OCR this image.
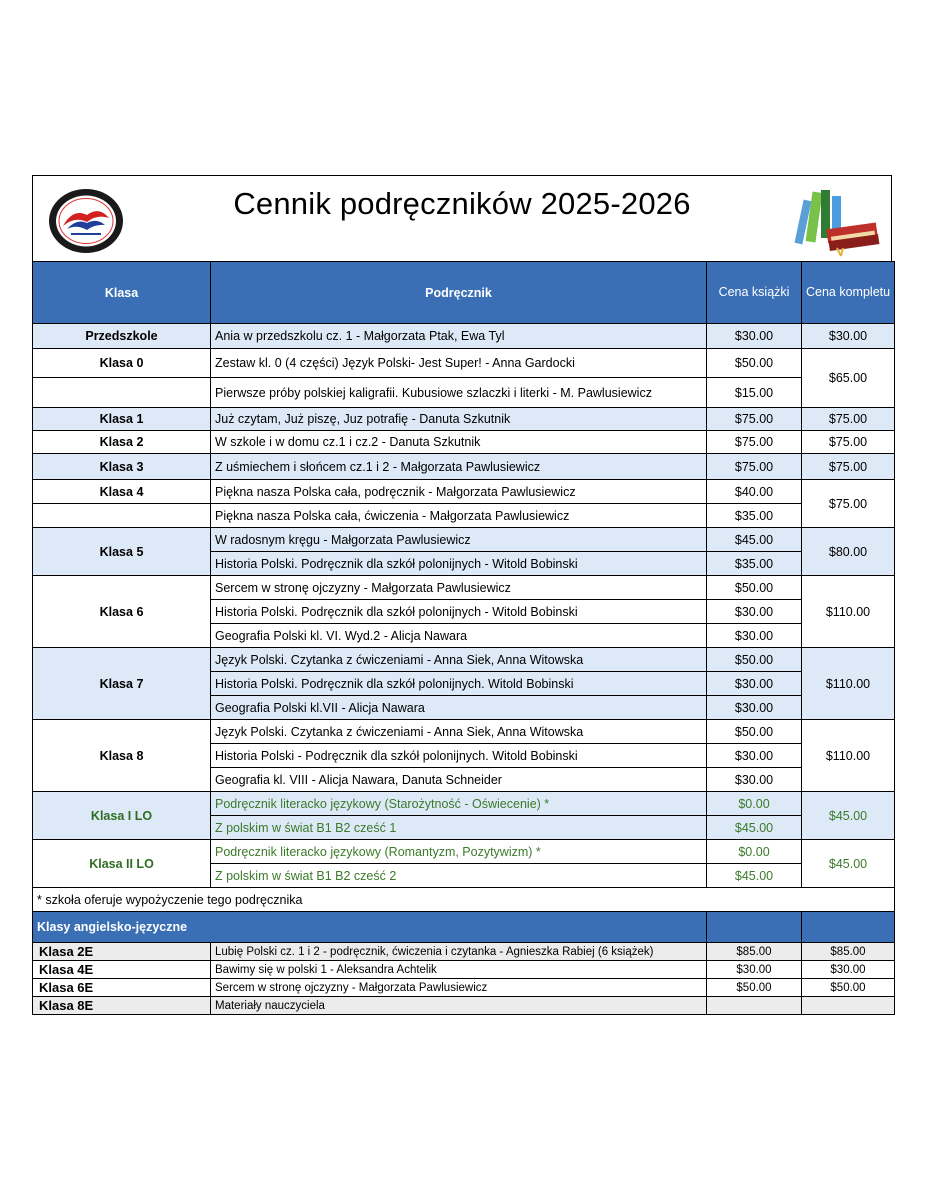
Cennik podręczników 2025-2026
Klasa	Podręcznik	Cena książki	Cena kompletu
Przedszkole	Ania w przedszkolu cz. 1 - Małgorzata Ptak, Ewa Tyl	$30.00	$30.00
Klasa 0	Zestaw kl. 0 (4 części) Język Polski- Jest Super! - Anna Gardocki	$50.00	$65.00
	Pierwsze próby polskiej kaligrafii. Kubusiowe szlaczki i literki - M. Pawlusiewicz	$15.00	
Klasa 1	Już czytam, Już piszę, Juz potrafię - Danuta Szkutnik	$75.00	$75.00
Klasa 2	W szkole i w domu cz.1 i cz.2 - Danuta Szkutnik	$75.00	$75.00
Klasa 3	Z uśmiechem i słońcem cz.1 i 2 - Małgorzata Pawlusiewicz	$75.00	$75.00
Klasa 4	Piękna nasza Polska cała, podręcznik - Małgorzata Pawlusiewicz	$40.00	$75.00
	Piękna nasza Polska cała, ćwiczenia - Małgorzata Pawlusiewicz	$35.00	
Klasa 5	W radosnym kręgu - Małgorzata Pawlusiewicz	$45.00	$80.00
	Historia Polski. Podręcznik dla szkół polonijnych - Witold Bobinski	$35.00	
Klasa 6	Sercem w stronę ojczyzny - Małgorzata Pawlusiewicz	$50.00	$110.00
	Historia Polski. Podręcznik dla szkół polonijnych - Witold Bobinski	$30.00	
	Geografia Polski kl. VI. Wyd.2 - Alicja Nawara	$30.00	
Klasa 7	Język Polski. Czytanka z ćwiczeniami - Anna Siek, Anna Witowska	$50.00	$110.00
	Historia Polski. Podręcznik dla szkół polonijnych. Witold Bobinski	$30.00	
	Geografia Polski kl.VII - Alicja Nawara	$30.00	
Klasa 8	Język Polski. Czytanka z ćwiczeniami - Anna Siek, Anna Witowska	$50.00	$110.00
	Historia Polski - Podręcznik dla szkół polonijnych. Witold Bobinski	$30.00	
	Geografia kl. VIII - Alicja Nawara, Danuta Schneider	$30.00	
Klasa I LO	Podręcznik literacko językowy (Starożytność - Oświecenie) *	$0.00	$45.00
	Z polskim w świat B1 B2 cześć 1	$45.00	
Klasa II LO	Podręcznik literacko językowy (Romantyzm, Pozytywizm) *	$0.00	$45.00
	Z polskim w świat B1 B2 cześć 2	$45.00	
* szkoła oferuje wypożyczenie tego podręcznika			
Klasy angielsko-języczne			
Klasa 2E	Lubię Polski cz. 1 i 2 - podręcznik, ćwiczenia i czytanka - Agnieszka Rabiej (6 książek)	$85.00	$85.00
Klasa 4E	Bawimy się w polski 1 - Aleksandra Achtelik	$30.00	$30.00
Klasa 6E	Sercem w stronę ojczyzny - Małgorzata Pawlusiewicz	$50.00	$50.00
Klasa 8E	Materiały nauczyciela		
